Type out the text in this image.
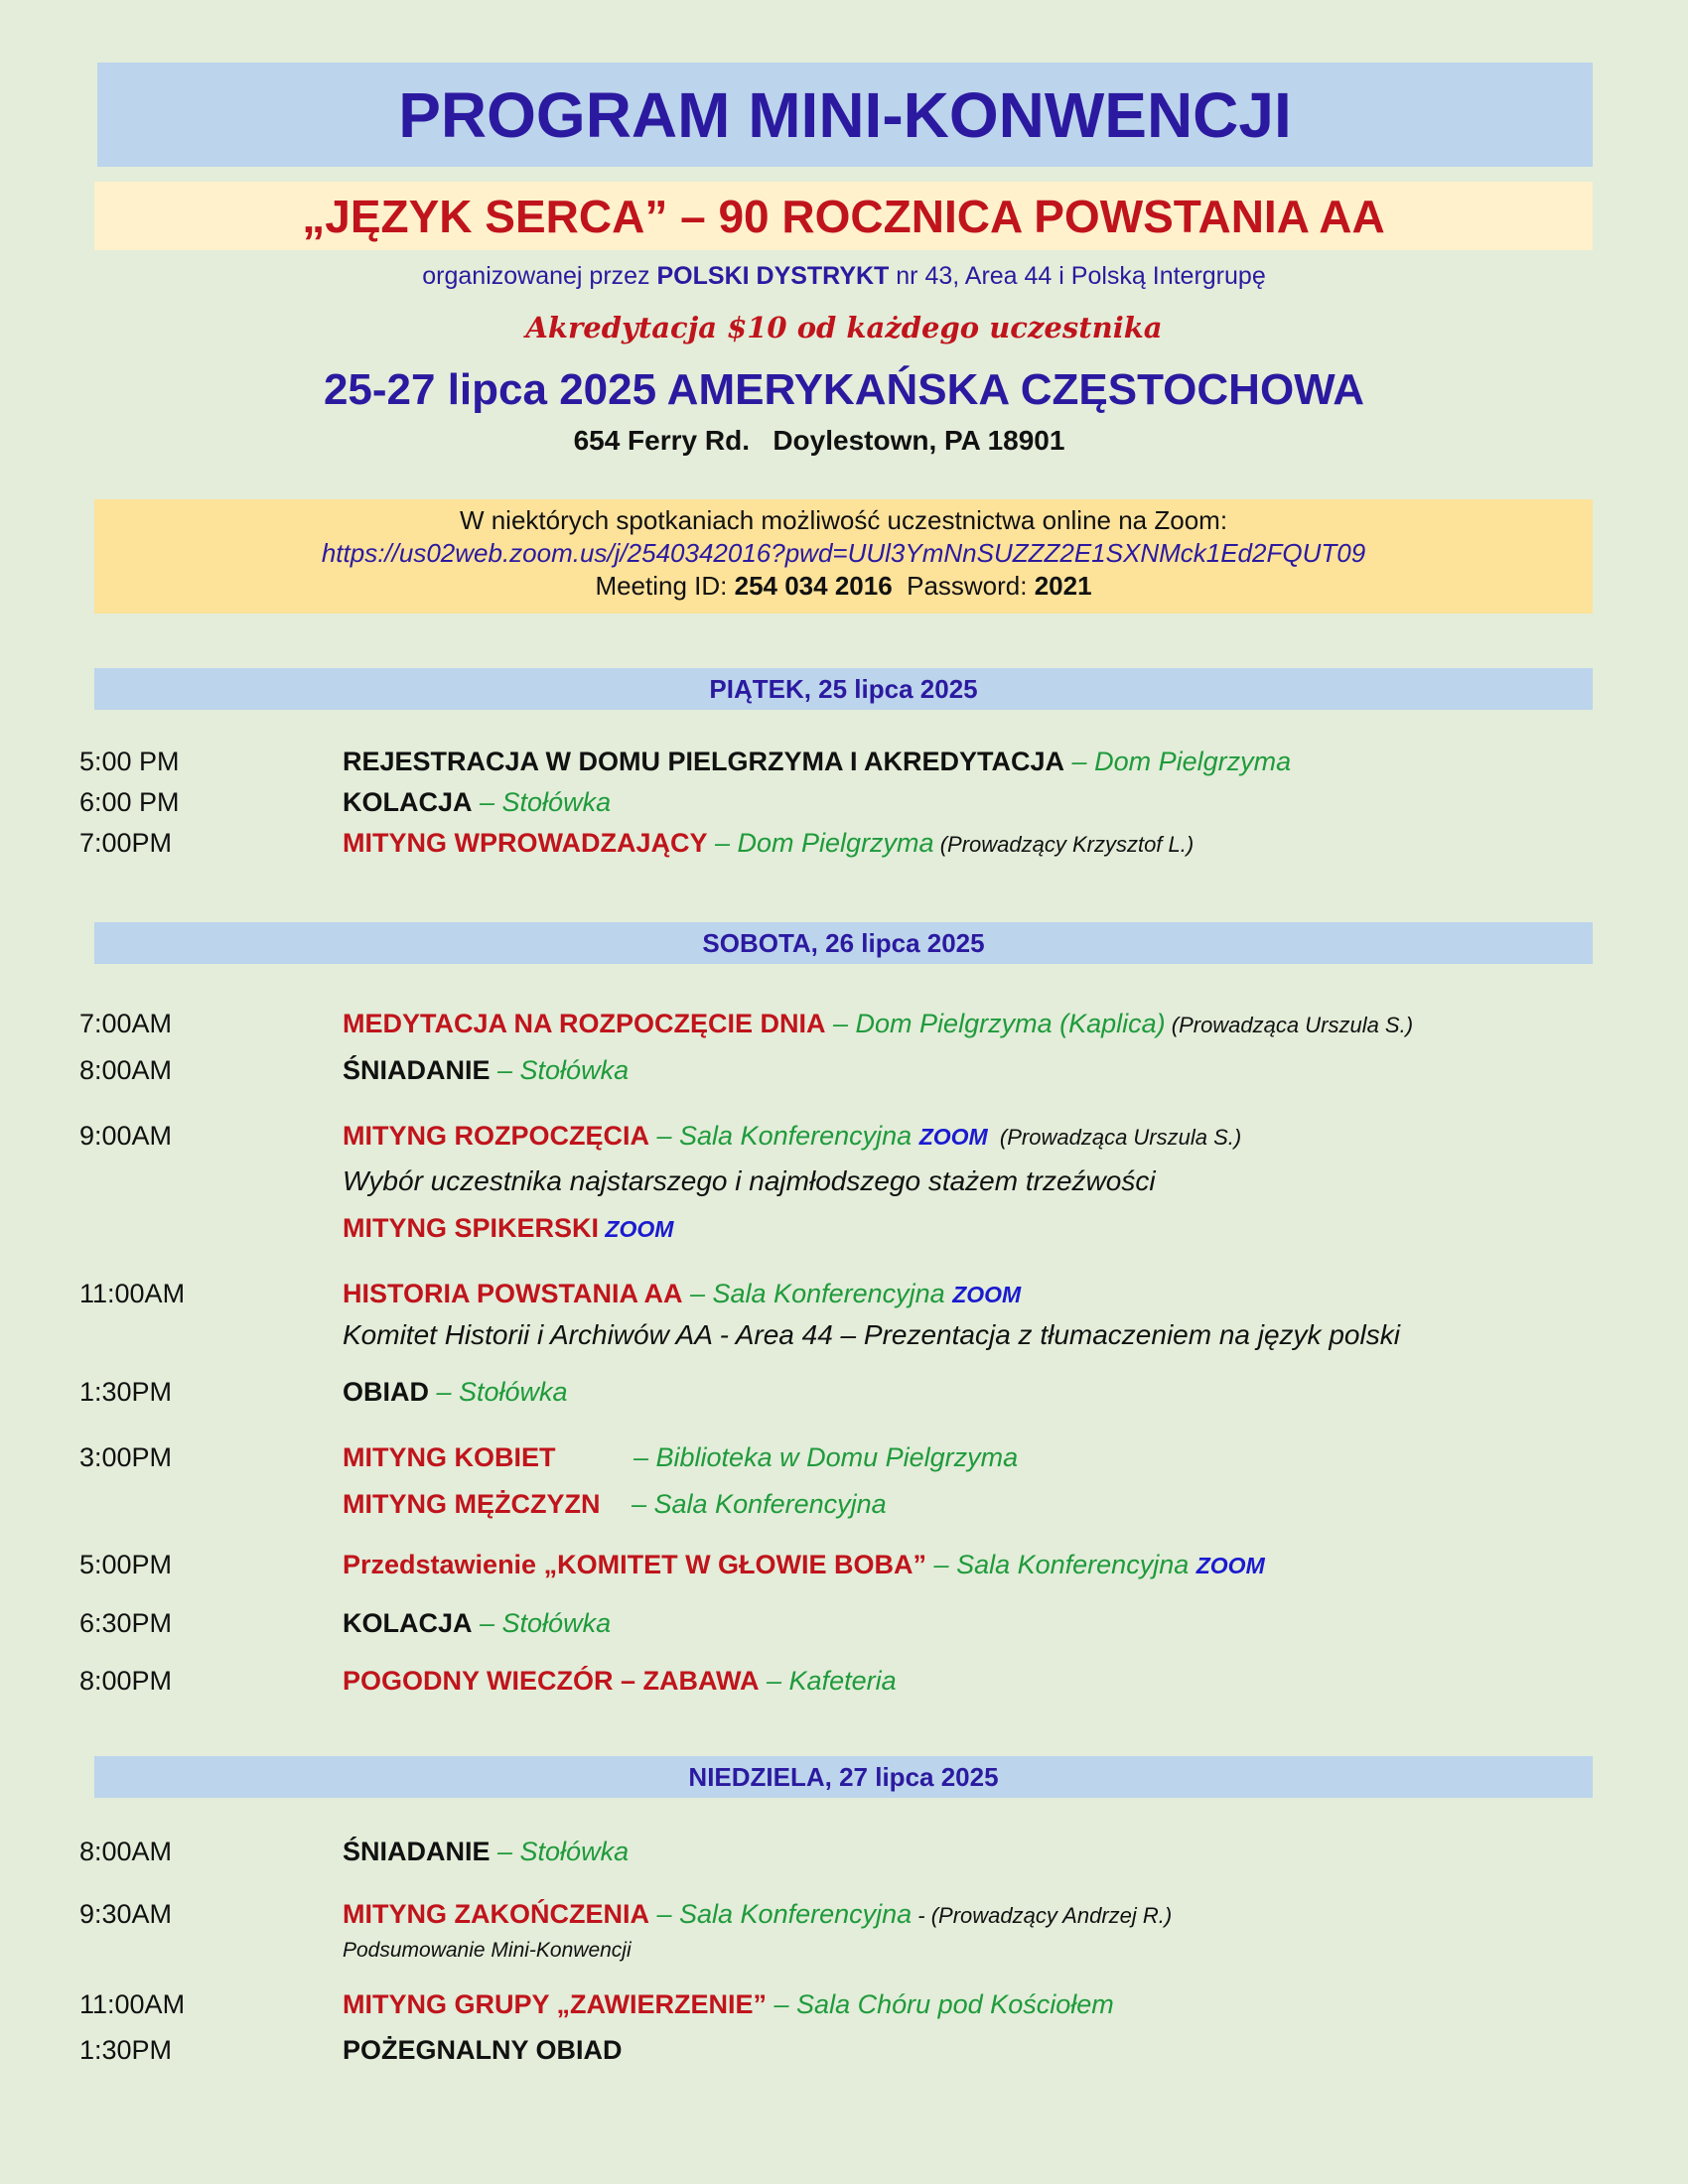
PROGRAM MINI-KONWENCJI
„JĘZYK SERCA” – 90 ROCZNICA POWSTANIA AA
organizowanej przez POLSKI DYSTRYKT nr 43, Area 44 i Polską Intergrupę
Akredytacja $10 od każdego uczestnika
25-27 lipca 2025 AMERYKAŃSKA CZĘSTOCHOWA
654 Ferry Rd.   Doylestown, PA 18901
W niektórych spotkaniach możliwość uczestnictwa online na Zoom:
https://us02web.zoom.us/j/2540342016?pwd=UUl3YmNnSUZZZ2E1SXNMck1Ed2FQUT09
Meeting ID: 254 034 2016  Password: 2021
PIĄTEK, 25 lipca 2025
5:00 PM	REJESTRACJA W DOMU PIELGRZYMA I AKREDYTACJA – Dom Pielgrzyma
6:00 PM	KOLACJA – Stołówka
7:00PM	MITYNG WPROWADZAJĄCY – Dom Pielgrzyma (Prowadzący Krzysztof L.)
SOBOTA, 26 lipca 2025
7:00AM	MEDYTACJA NA ROZPOCZĘCIE DNIA – Dom Pielgrzyma (Kaplica) (Prowadząca Urszula S.)
8:00AM	ŚNIADANIE – Stołówka
9:00AM	MITYNG ROZPOCZĘCIA – Sala Konferencyjna ZOOM  (Prowadząca Urszula S.)
Wybór uczestnika najstarszego i najmłodszego stażem trzeźwości
MITYNG SPIKERSKI ZOOM
11:00AM	HISTORIA POWSTANIA AA – Sala Konferencyjna ZOOM
Komitet Historii i Archiwów AA - Area 44 – Prezentacja z tłumaczeniem na język polski
1:30PM	OBIAD – Stołówka
3:00PM	MITYNG KOBIET	– Biblioteka w Domu Pielgrzyma
MITYNG MĘŻCZYZN – Sala Konferencyjna
5:00PM	Przedstawienie „KOMITET W GŁOWIE BOBA” – Sala Konferencyjna ZOOM
6:30PM	KOLACJA – Stołówka
8:00PM	POGODNY WIECZÓR – ZABAWA – Kafeteria
NIEDZIELA, 27 lipca 2025
8:00AM	ŚNIADANIE – Stołówka
9:30AM	MITYNG ZAKOŃCZENIA – Sala Konferencyjna - (Prowadzący Andrzej R.)
Podsumowanie Mini-Konwencji
11:00AM	MITYNG GRUPY „ZAWIERZENIE” – Sala Chóru pod Kościołem
1:30PM	POŻEGNALNY OBIAD
